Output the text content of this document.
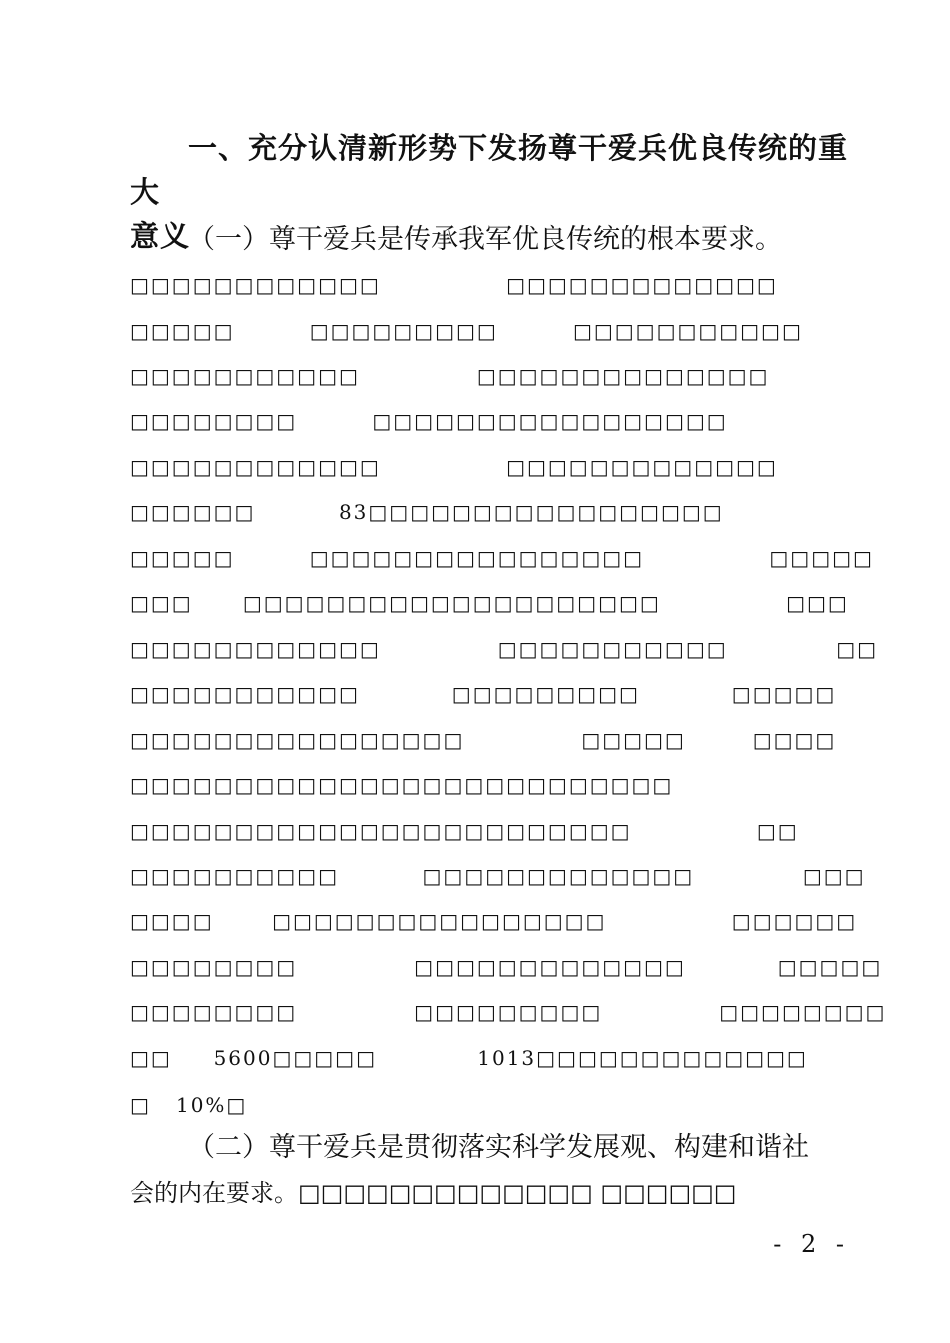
一、充分认清新形势下发扬尊干爱兵优良传统的重大
意义

（一）尊干爱兵是传承我军优良传统的根本要求。

□□□□□□□□□□□□               □□□□□□□□□□□□□

□□□□□         □□□□□□□□□         □□□□□□□□□□□

□□□□□□□□□□□              □□□□□□□□□□□□□□

□□□□□□□□         □□□□□□□□□□□□□□□□□

□□□□□□□□□□□□               □□□□□□□□□□□□□

□□□□□□          83□□□□□□□□□□□□□□□□□

□□□□□         □□□□□□□□□□□□□□□□               □□□□□

□□□      □□□□□□□□□□□□□□□□□□□□               □□□

□□□□□□□□□□□□              □□□□□□□□□□□             □□

□□□□□□□□□□□           □□□□□□□□□           □□□□□

□□□□□□□□□□□□□□□□              □□□□□        □□□□

□□□□□□□□□□□□□□□□□□□□□□□□□□

□□□□□□□□□□□□□□□□□□□□□□□□               □□

□□□□□□□□□□          □□□□□□□□□□□□□             □□□

□□□□       □□□□□□□□□□□□□□□□               □□□□□□

□□□□□□□□              □□□□□□□□□□□□□           □□□□□

□□□□□□□□              □□□□□□□□□              □□□□□□□□

□□     5600□□□□□            1013□□□□□□□□□□□□□

□   10%□

（二）尊干爱兵是贯彻落实科学发展观、构建和谐社

会的内在要求。□□□□□□□□□□□□□ □□□□□□

- 2 -
